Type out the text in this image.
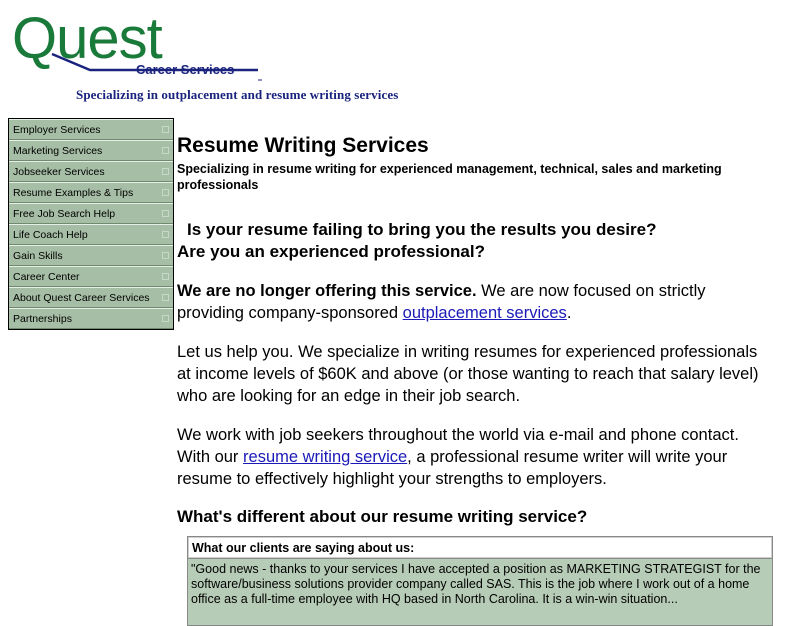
Quest
Career Services
Specializing in outplacement and resume writing services
Employer Services
Marketing Services
Jobseeker Services
Resume Examples & Tips
Free Job Search Help
Life Coach Help
Gain Skills
Career Center
About Quest Career Services
Partnerships
Resume Writing Services

Specializing in resume writing for experienced management, technical, sales and marketing professionals

Is your resume failing to bring you the results you desire?

Are you an experienced professional?

We are no longer offering this service. We are now focused on strictly providing company-sponsored outplacement services.

Let us help you. We specialize in writing resumes for experienced professionals at income levels of $60K and above (or those wanting to reach that salary level) who are looking for an edge in their job search.

We work with job seekers throughout the world via e-mail and phone contact. With our resume writing service, a professional resume writer will write your resume to effectively highlight your strengths to employers.

What's different about our resume writing service?

What our clients are saying about us:
"Good news - thanks to your services I have accepted a position as MARKETING STRATEGIST for the software/business solutions provider company called SAS. This is the job where I work out of a home office as a full-time employee with HQ based in North Carolina. It is a win-win situation...
